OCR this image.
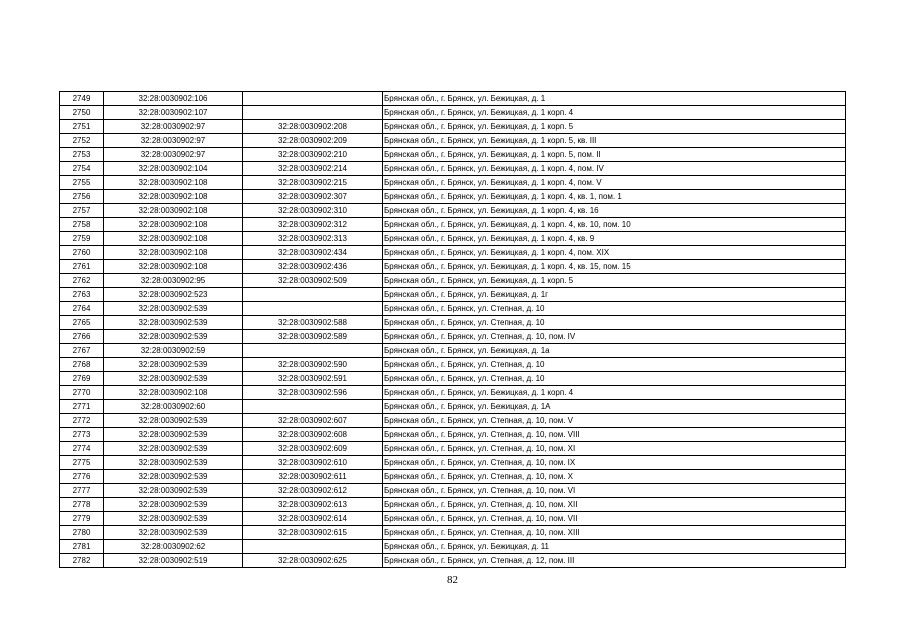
2749	32:28:0030902:106		Брянская обл., г. Брянск, ул. Бежицкая, д. 1
2750	32:28:0030902:107		Брянская обл., г. Брянск, ул. Бежицкая, д. 1 корп. 4
2751	32:28:0030902:97	32:28:0030902:208	Брянская обл., г. Брянск, ул. Бежицкая, д. 1 корп. 5
2752	32:28:0030902:97	32:28:0030902:209	Брянская обл., г. Брянск, ул. Бежицкая, д. 1 корп. 5, кв. III
2753	32:28:0030902:97	32:28:0030902:210	Брянская обл., г. Брянск, ул. Бежицкая, д. 1 корп. 5, пом. II
2754	32:28:0030902:104	32:28:0030902:214	Брянская обл., г. Брянск, ул. Бежицкая, д. 1 корп. 4, пом. IV
2755	32:28:0030902:108	32:28:0030902:215	Брянская обл., г. Брянск, ул. Бежицкая, д. 1 корп. 4, пом. V
2756	32:28:0030902:108	32:28:0030902:307	Брянская обл., г. Брянск, ул. Бежицкая, д. 1 корп. 4, кв. 1, пом. 1
2757	32:28:0030902:108	32:28:0030902:310	Брянская обл., г. Брянск, ул. Бежицкая, д. 1 корп. 4, кв. 16
2758	32:28:0030902:108	32:28:0030902:312	Брянская обл., г. Брянск, ул. Бежицкая, д. 1 корп. 4, кв. 10, пом. 10
2759	32:28:0030902:108	32:28:0030902:313	Брянская обл., г. Брянск, ул. Бежицкая, д. 1 корп. 4, кв. 9
2760	32:28:0030902:108	32:28:0030902:434	Брянская обл., г. Брянск, ул. Бежицкая, д. 1 корп. 4, пом. XIX
2761	32:28:0030902:108	32:28:0030902:436	Брянская обл., г. Брянск, ул. Бежицкая, д. 1 корп. 4, кв. 15, пом. 15
2762	32:28:0030902:95	32:28:0030902:509	Брянская обл., г. Брянск, ул. Бежицкая, д. 1 корп. 5
2763	32:28:0030902:523		Брянская обл., г. Брянск, ул. Бежицкая, д. 1г
2764	32:28:0030902:539		Брянская обл., г. Брянск, ул. Степная, д. 10
2765	32:28:0030902:539	32:28:0030902:588	Брянская обл., г. Брянск, ул. Степная, д. 10
2766	32:28:0030902:539	32:28:0030902:589	Брянская обл., г. Брянск, ул. Степная, д. 10, пом. IV
2767	32:28:0030902:59		Брянская обл., г. Брянск, ул. Бежицкая, д. 1а
2768	32:28:0030902:539	32:28:0030902:590	Брянская обл., г. Брянск, ул. Степная, д. 10
2769	32:28:0030902:539	32:28:0030902:591	Брянская обл., г. Брянск, ул. Степная, д. 10
2770	32:28:0030902:108	32:28:0030902:596	Брянская обл., г. Брянск, ул. Бежицкая, д. 1 корп. 4
2771	32:28:0030902:60		Брянская обл., г. Брянск, ул. Бежицкая, д. 1А
2772	32:28:0030902:539	32:28:0030902:607	Брянская обл., г. Брянск, ул. Степная, д. 10, пом. V
2773	32:28:0030902:539	32:28:0030902:608	Брянская обл., г. Брянск, ул. Степная, д. 10, пом. VIII
2774	32:28:0030902:539	32:28:0030902:609	Брянская обл., г. Брянск, ул. Степная, д. 10, пом. XI
2775	32:28:0030902:539	32:28:0030902:610	Брянская обл., г. Брянск, ул. Степная, д. 10, пом. IX
2776	32:28:0030902:539	32:28:0030902:611	Брянская обл., г. Брянск, ул. Степная, д. 10, пом. X
2777	32:28:0030902:539	32:28:0030902:612	Брянская обл., г. Брянск, ул. Степная, д. 10, пом. VI
2778	32:28:0030902:539	32:28:0030902:613	Брянская обл., г. Брянск, ул. Степная, д. 10, пом. XII
2779	32:28:0030902:539	32:28:0030902:614	Брянская обл., г. Брянск, ул. Степная, д. 10, пом. VII
2780	32:28:0030902:539	32:28:0030902:615	Брянская обл., г. Брянск, ул. Степная, д. 10, пом. XIII
2781	32:28:0030902:62		Брянская обл., г. Брянск, ул. Бежицкая, д. 11
2782	32:28:0030902:519	32:28:0030902:625	Брянская обл., г. Брянск, ул. Степная, д. 12, пом. III
82
